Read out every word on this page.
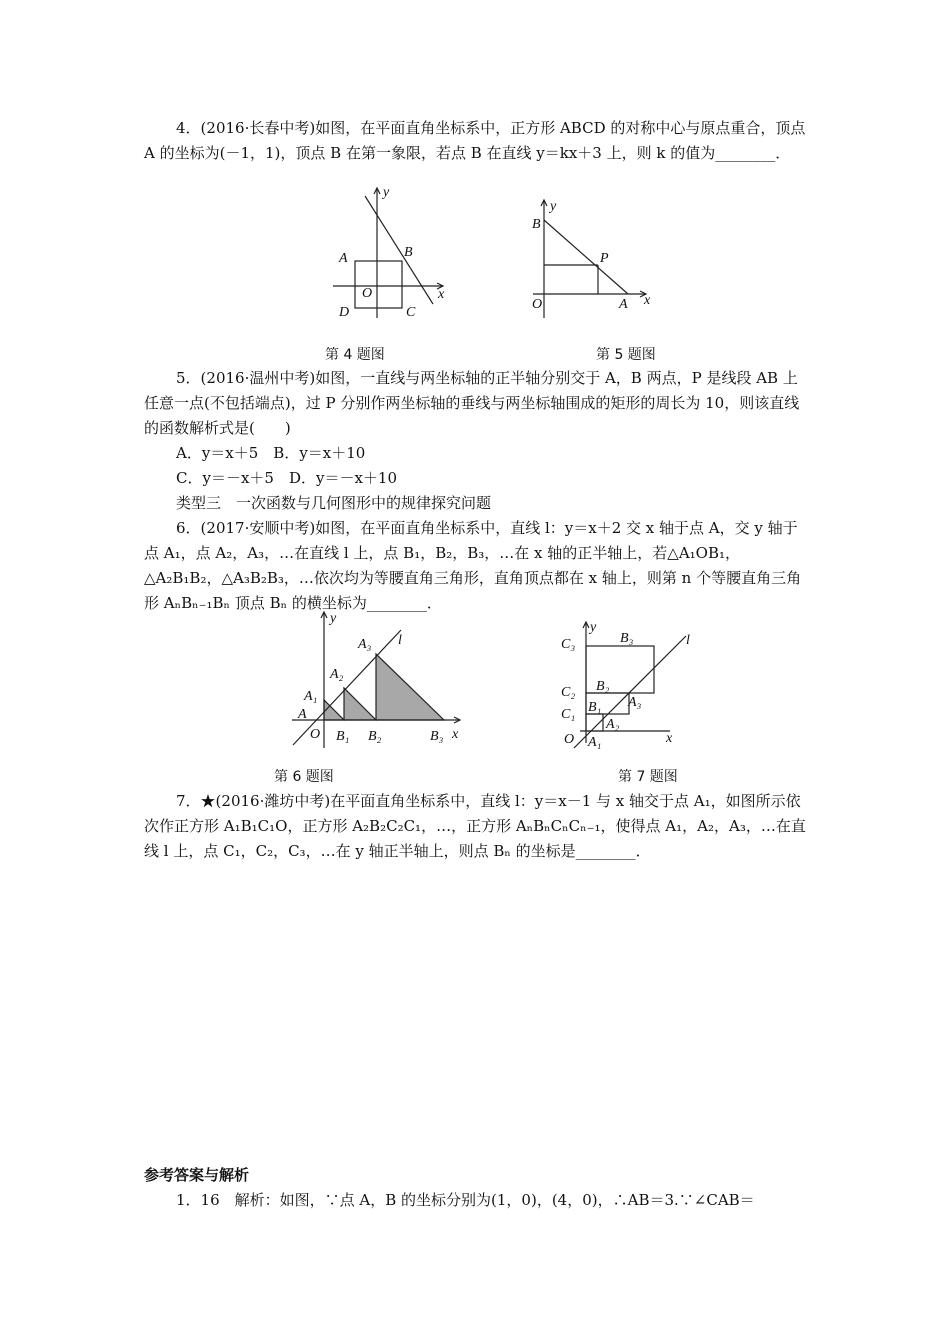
4．(2016·长春中考)如图，在平面直角坐标系中，正方形 ABCD 的对称中心与原点重合，顶点 A 的坐标为(－1，1)，顶点 B 在第一象限，若点 B 在直线 y＝kx＋3 上，则 k 的值为________．

y
x
O
A	B
C
D
y
x
O
B
P
A
第 4 题图	第 5 题图

5．(2016·温州中考)如图，一直线与两坐标轴的正半轴分别交于 A，B 两点，P 是线段 AB 上任意一点(不包括端点)，过 P 分别作两坐标轴的垂线与两坐标轴围成的矩形的周长为 10，则该直线的函数解析式是(　　)

A．y＝x＋5　B．y＝x＋10

C．y＝－x＋5　D．y＝－x＋10

类型三　一次函数与几何图形中的规律探究问题

6．(2017·安顺中考)如图，在平面直角坐标系中，直线 l：y＝x＋2 交 x 轴于点 A，交 y 轴于点 A₁，点 A₂，A₃，…在直线 l 上，点 B₁，B₂，B₃，…在 x 轴的正半轴上，若△A₁OB₁，△A₂B₁B₂，△A₃B₂B₃，…依次均为等腰直角三角形，直角顶点都在 x 轴上，则第 n 个等腰直角三角形 AₙBₙ₋₁Bₙ 顶点 Bₙ 的横坐标为________．

y
x
l
O
A
A₁
A₂
A₃
B₁ B₂	B₃
y
x
l
O A₁
A₂
A₃
B₁
B₂
B₃
C₁
C₂
C₃
第 6 题图	第 7 题图

7．★(2016·潍坊中考)在平面直角坐标系中，直线 l：y＝x－1 与 x 轴交于点 A₁，如图所示依次作正方形 A₁B₁C₁O，正方形 A₂B₂C₂C₁，…，正方形 AₙBₙCₙCₙ₋₁，使得点 A₁，A₂，A₃，…在直线 l 上，点 C₁，C₂，C₃，…在 y 轴正半轴上，则点 Bₙ 的坐标是________．

参考答案与解析

1．16　解析：如图，∵点 A，B 的坐标分别为(1，0)，(4，0)，∴AB＝3.∵∠CAB＝
